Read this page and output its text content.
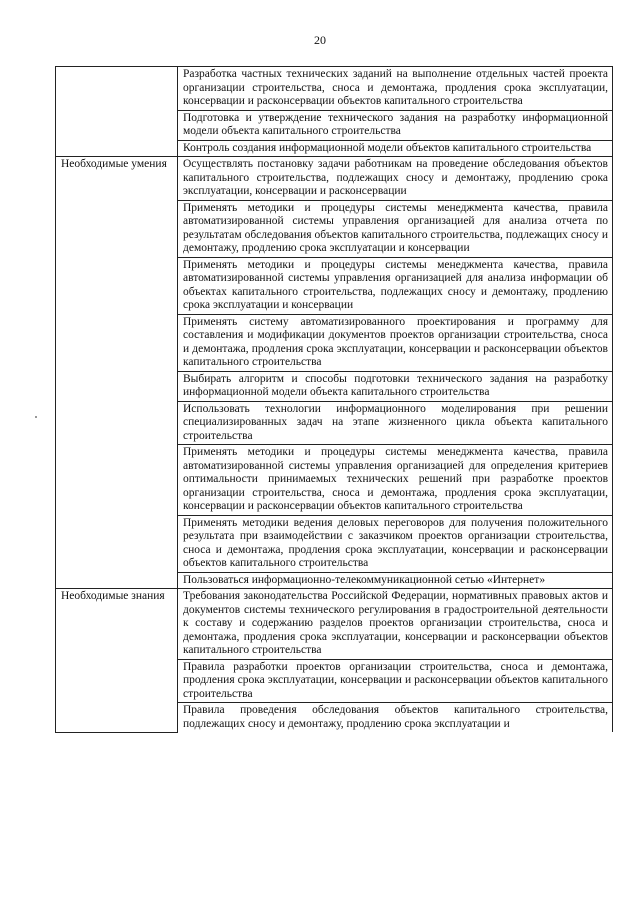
20
	Разработка частных технических заданий на выполнение отдельных частей проекта организации строительства, сноса и демонтажа, продления срока эксплуатации, консервации и расконсервации объектов капитального строительства
	Подготовка и утверждение технического задания на разработку информационной модели объекта капитального строительства
	Контроль создания информационной модели объектов капитального строительства
Необходимые умения	Осуществлять постановку задачи работникам на проведение обследования объектов капитального строительства, подлежащих сносу и демонтажу, продлению срока эксплуатации, консервации и расконсервации
	Применять методики и процедуры системы менеджмента качества, правила автоматизированной системы управления организацией для анализа отчета по результатам обследования объектов капитального строительства, подлежащих сносу и демонтажу, продлению срока эксплуатации и консервации
	Применять методики и процедуры системы менеджмента качества, правила автоматизированной системы управления организацией для анализа информации об объектах капитального строительства, подлежащих сносу и демонтажу, продлению срока эксплуатации и консервации
	Применять систему автоматизированного проектирования и программу для составления и модификации документов проектов организации строительства, сноса и демонтажа, продления срока эксплуатации, консервации и расконсервации объектов капитального строительства
	Выбирать алгоритм и способы подготовки технического задания на разработку информационной модели объекта капитального строительства
	Использовать технологии информационного моделирования при решении специализированных задач на этапе жизненного цикла объекта капитального строительства
	Применять методики и процедуры системы менеджмента качества, правила автоматизированной системы управления организацией для определения критериев оптимальности принимаемых технических решений при разработке проектов организации строительства, сноса и демонтажа, продления срока эксплуатации, консервации и расконсервации объектов капитального строительства
	Применять методики ведения деловых переговоров для получения положительного результата при взаимодействии с заказчиком проектов организации строительства, сноса и демонтажа, продления срока эксплуатации, консервации и расконсервации объектов капитального строительства
	Пользоваться информационно-телекоммуникационной сетью «Интернет»
Необходимые знания	Требования законодательства Российской Федерации, нормативных правовых актов и документов системы технического регулирования в градостроительной деятельности к составу и содержанию разделов проектов организации строительства, сноса и демонтажа, продления срока эксплуатации, консервации и расконсервации объектов капитального строительства
	Правила разработки проектов организации строительства, сноса и демонтажа, продления срока эксплуатации, консервации и расконсервации объектов капитального строительства
	Правила проведения обследования объектов капитального строительства, подлежащих сносу и демонтажу, продлению срока эксплуатации и
